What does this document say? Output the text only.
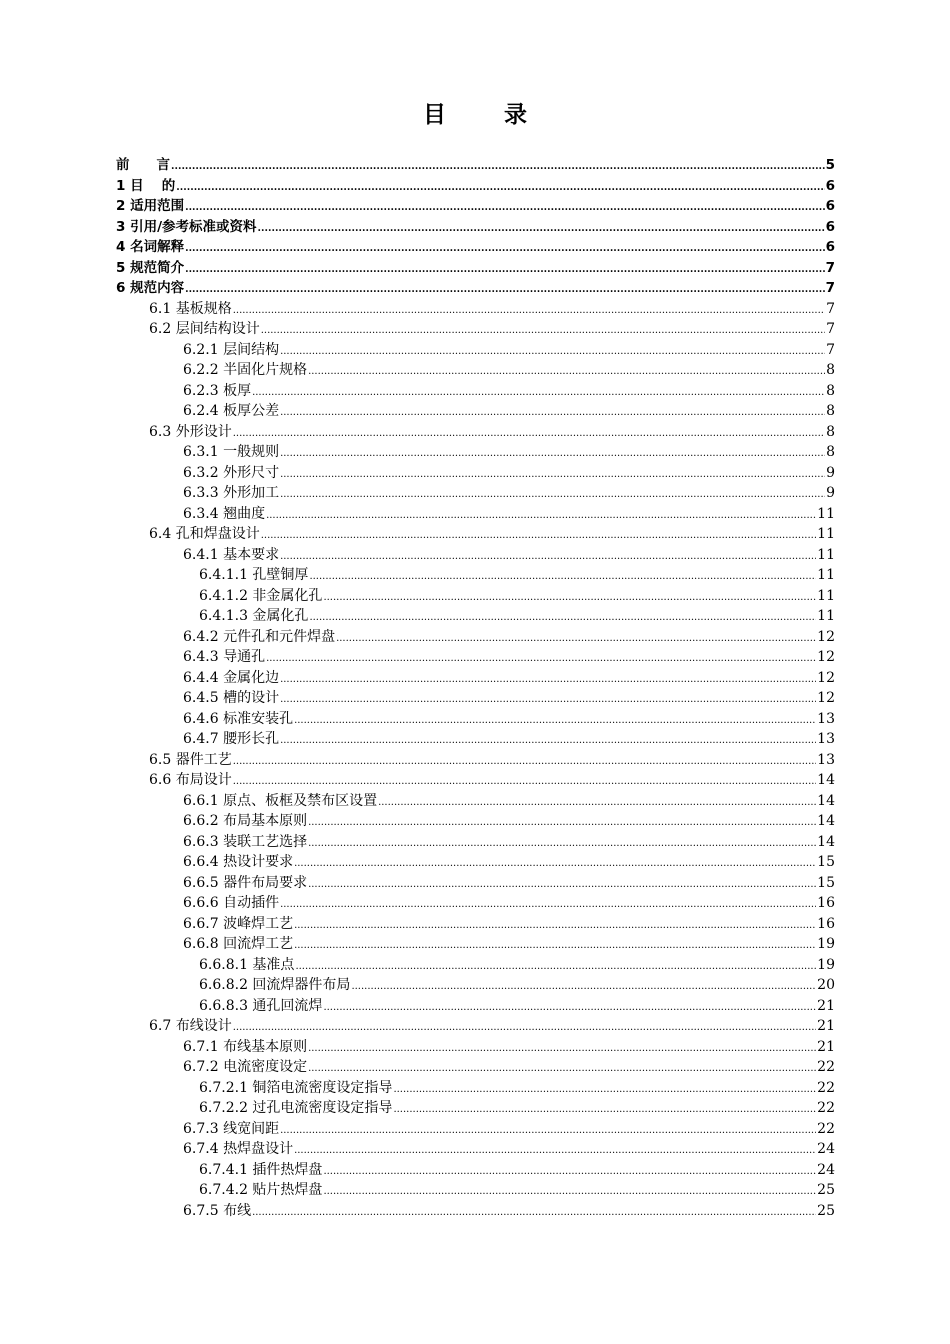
目	录
前　　言 .....	5
1 目　 的 .....	6
2 适用范围 .....	6
3 引用/参考标准或资料 .....	6
4 名词解释 .....	6
5 规范简介 .....	7
6 规范内容 .....	7
6.1 基板规格 .....	7
6.2 层间结构设计 .....	7
6.2.1 层间结构 .....	7
6.2.2 半固化片规格 .....	8
6.2.3 板厚 .....	8
6.2.4 板厚公差 .....	8
6.3 外形设计 .....	8
6.3.1 一般规则 .....	8
6.3.2 外形尺寸 .....	9
6.3.3 外形加工 .....	9
6.3.4 翘曲度 .....	11
6.4 孔和焊盘设计 .....	11
6.4.1 基本要求 .....	11
6.4.1.1 孔壁铜厚 .....	11
6.4.1.2 非金属化孔 .....	11
6.4.1.3 金属化孔 .....	11
6.4.2 元件孔和元件焊盘 .....	12
6.4.3 导通孔 .....	12
6.4.4 金属化边 .....	12
6.4.5 槽的设计 .....	12
6.4.6 标准安装孔 .....	13
6.4.7 腰形长孔 .....	13
6.5 器件工艺 .....	13
6.6 布局设计 .....	14
6.6.1 原点、板框及禁布区设置 .....	14
6.6.2 布局基本原则 .....	14
6.6.3 装联工艺选择 .....	14
6.6.4 热设计要求 .....	15
6.6.5 器件布局要求 .....	15
6.6.6 自动插件 .....	16
6.6.7 波峰焊工艺 .....	16
6.6.8 回流焊工艺 .....	19
6.6.8.1 基准点 .....	19
6.6.8.2 回流焊器件布局 .....	20
6.6.8.3 通孔回流焊 .....	21
6.7 布线设计 .....	21
6.7.1 布线基本原则 .....	21
6.7.2 电流密度设定 .....	22
6.7.2.1 铜箔电流密度设定指导 .....	22
6.7.2.2 过孔电流密度设定指导 .....	22
6.7.3 线宽间距 .....	22
6.7.4 热焊盘设计 .....	24
6.7.4.1 插件热焊盘 .....	24
6.7.4.2 贴片热焊盘 .....	25
6.7.5 布线 .....	25
